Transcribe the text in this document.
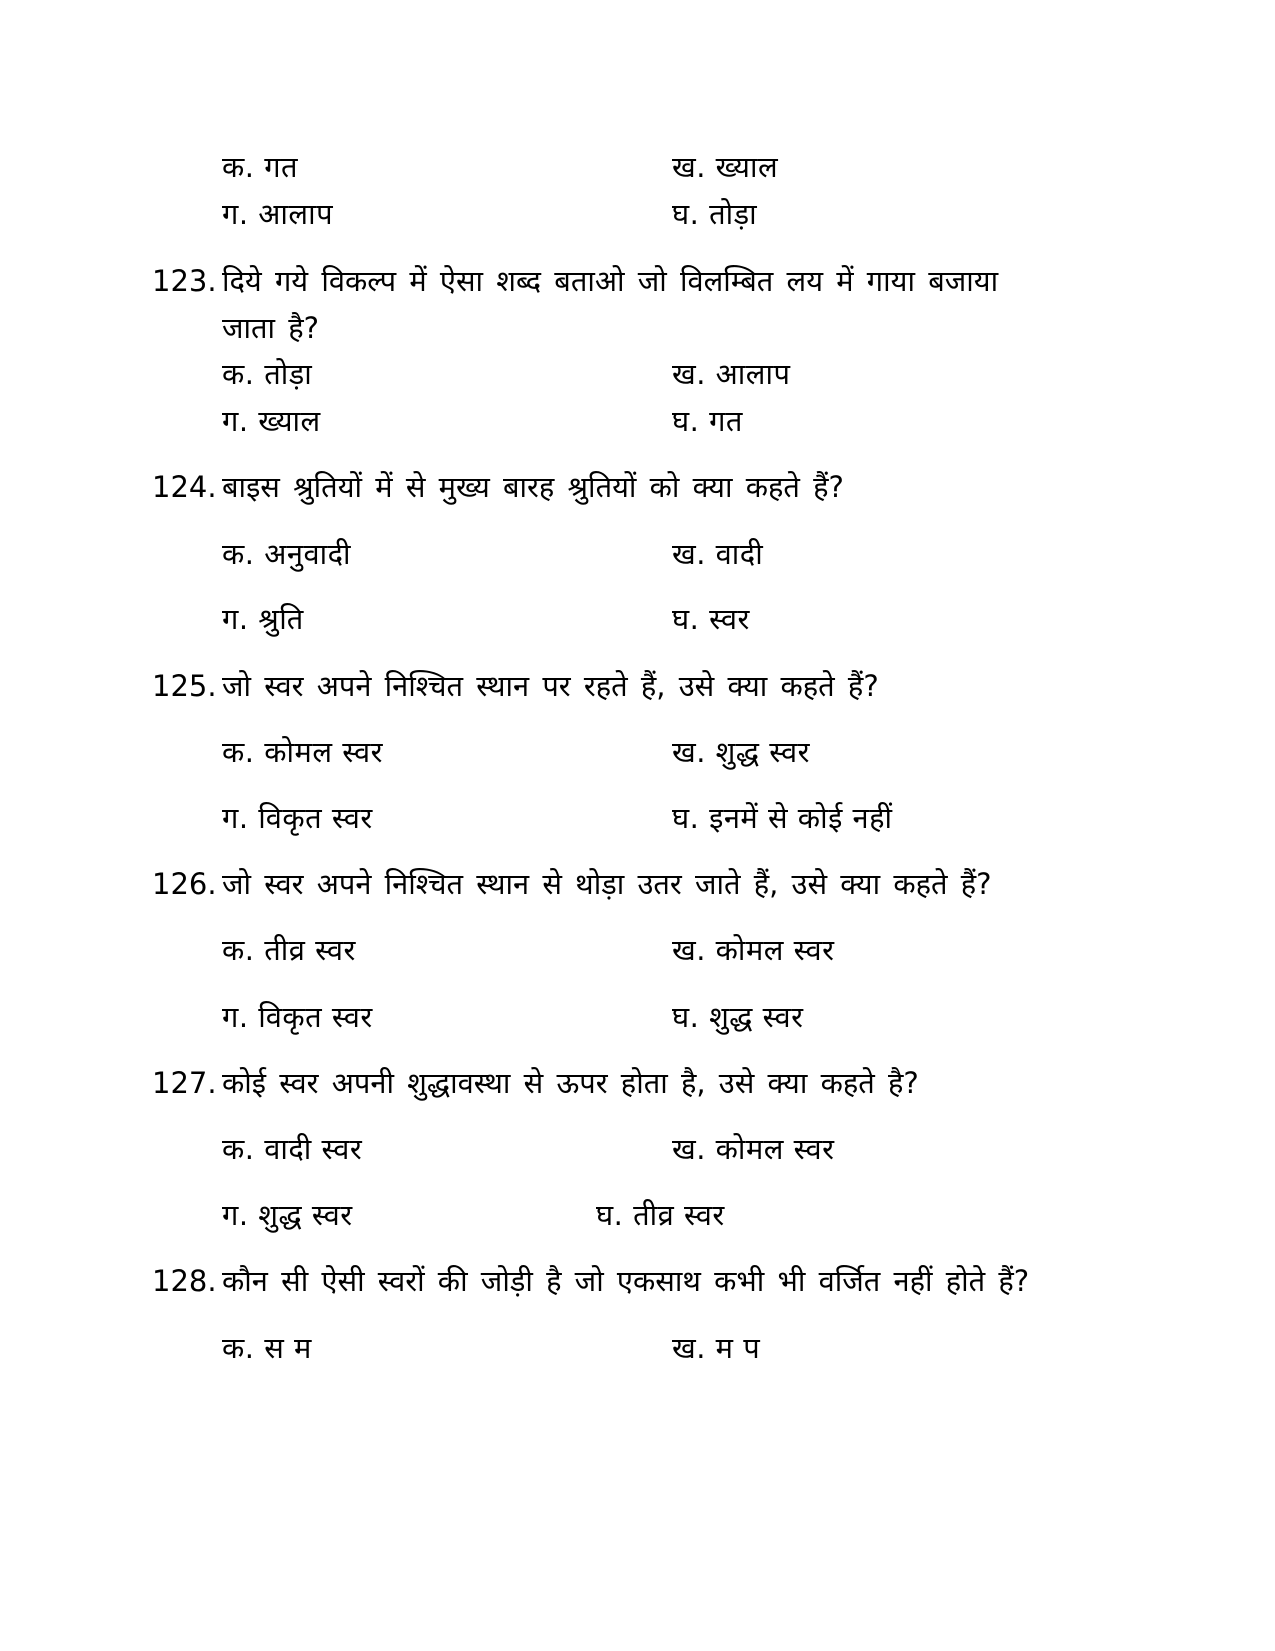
क. गत	ख. ख्याल
ग. आलाप	घ. तोड़ा
123. दिये गये विकल्प में ऐसा शब्द बताओ जो विलम्बित लय में गाया बजाया
जाता है?
क. तोड़ा	ख. आलाप
ग. ख्याल	घ. गत
124. बाइस श्रुतियों में से मुख्य बारह श्रुतियों को क्या कहते हैं?
क. अनुवादी	ख. वादी
ग. श्रुति	घ. स्वर
125. जो स्वर अपने निश्चित स्थान पर रहते हैं, उसे क्या कहते हैं?
क. कोमल स्वर	ख. शुद्ध स्वर
ग. विकृत स्वर	घ. इनमें से कोई नहीं
126. जो स्वर अपने निश्चित स्थान से थोड़ा उतर जाते हैं, उसे क्या कहते हैं?
क. तीव्र स्वर	ख. कोमल स्वर
ग. विकृत स्वर	घ. शुद्ध स्वर
127. कोई स्वर अपनी शुद्धावस्था से ऊपर होता है, उसे क्या कहते है?
क. वादी स्वर	ख. कोमल स्वर
ग. शुद्ध स्वर	घ. तीव्र स्वर
128. कौन सी ऐसी स्वरों की जोड़ी है जो एकसाथ कभी भी वर्जित नहीं होते हैं?
क. स म	ख. म प
